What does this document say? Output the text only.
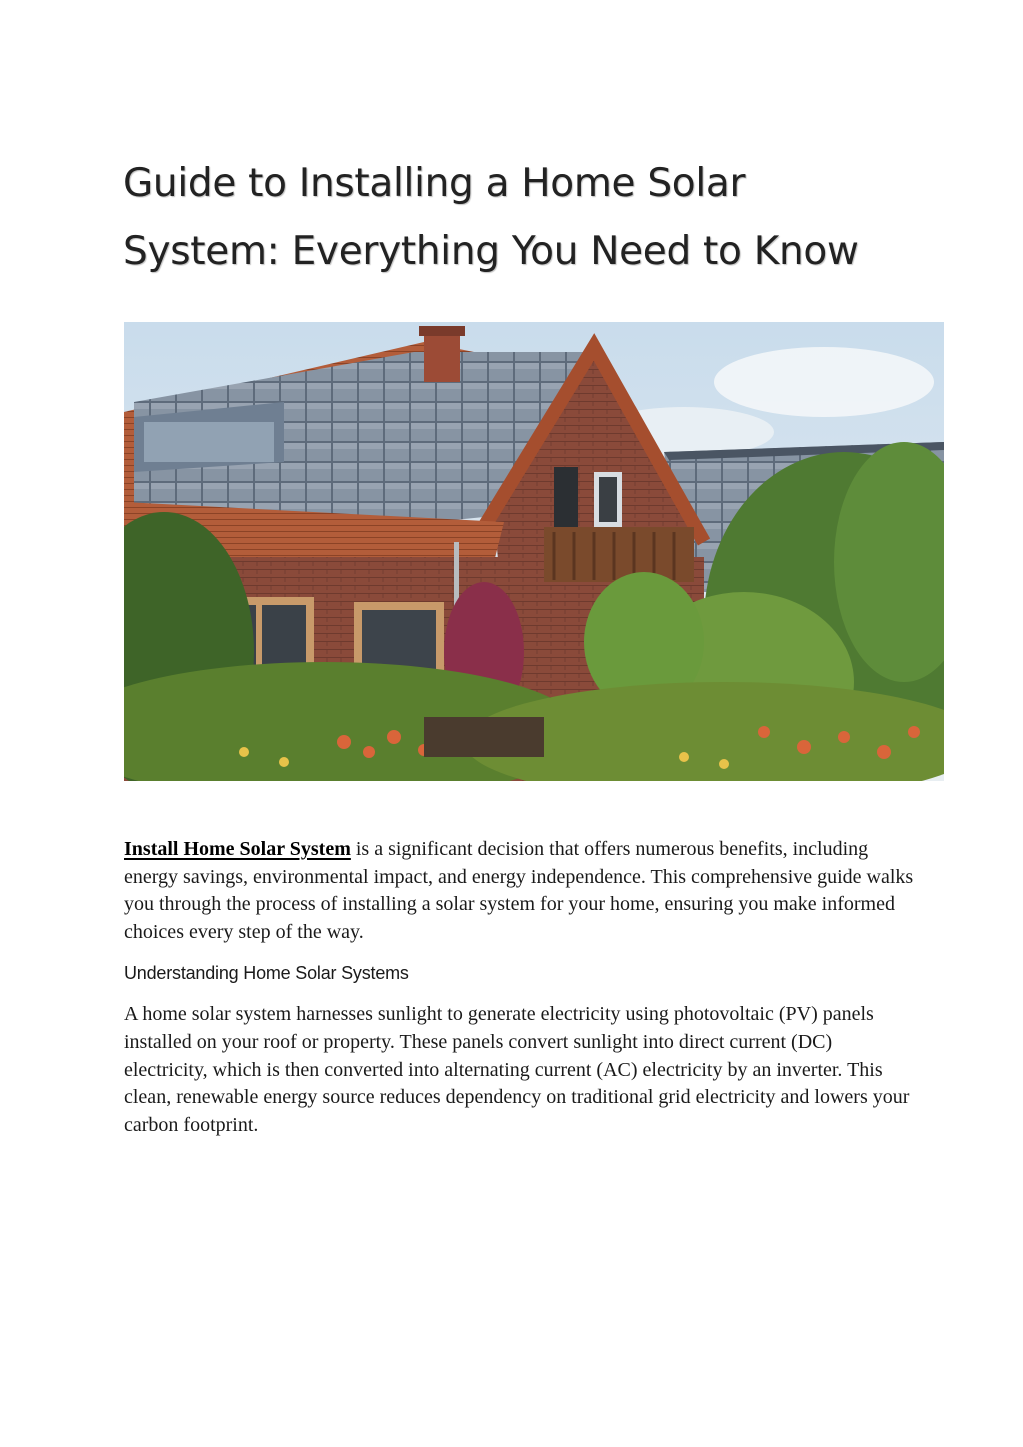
Guide to Installing a Home Solar
System: Everything You Need to Know

Install Home Solar System is a significant decision that offers numerous benefits, including energy savings, environmental impact, and energy independence. This comprehensive guide walks you through the process of installing a solar system for your home, ensuring you make informed choices every step of the way.

Understanding Home Solar Systems

A home solar system harnesses sunlight to generate electricity using photovoltaic (PV) panels installed on your roof or property. These panels convert sunlight into direct current (DC) electricity, which is then converted into alternating current (AC) electricity by an inverter. This clean, renewable energy source reduces dependency on traditional grid electricity and lowers your carbon footprint.
